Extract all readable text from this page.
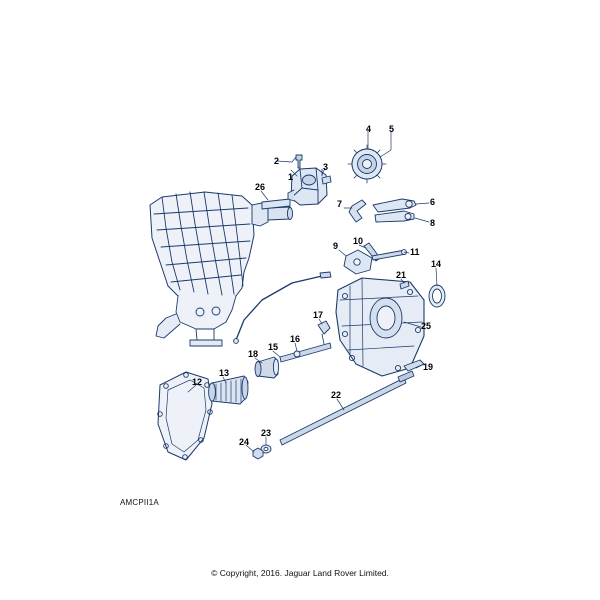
1
2
3
4 5
6
7
8
9 10
11
12
13
14
15
16
17
18
19
21
22
23
24
25
26
AMCPII1A
© Copyright, 2016. Jaguar Land Rover Limited.
